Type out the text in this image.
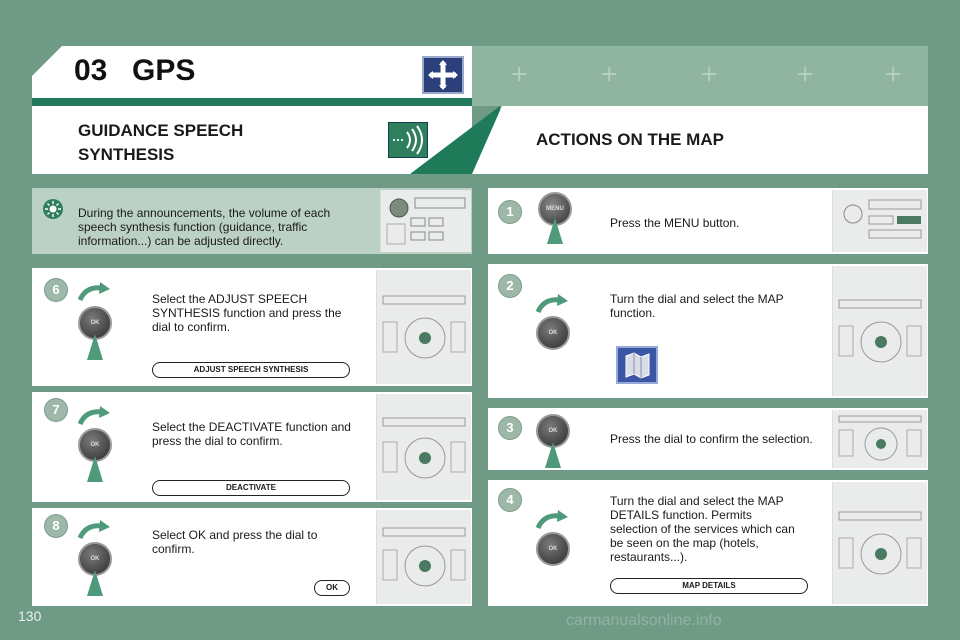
+	+	+	+	+
03 GPS
GUIDANCE SPEECH SYNTHESIS
ACTIONS ON THE MAP
During the announcements, the volume of each speech synthesis function (guidance, traffic information...) can be adjusted directly.
6
OK
Select the ADJUST SPEECH SYNTHESIS function and press the dial to confirm.
ADJUST SPEECH SYNTHESIS
7
OK
Select the DEACTIVATE function and press the dial to confirm.
DEACTIVATE
8
OK
Select OK and press the dial to confirm.
OK
1	MENU
Press the MENU button.
2
OK
Turn the dial and select the MAP function.
3	OK
Press the dial to confirm the selection.
4
OK
Turn the dial and select the MAP DETAILS function. Permits selection of the services which can be seen on the map (hotels, restaurants...).
MAP DETAILS
130	carmanualsonline.info
